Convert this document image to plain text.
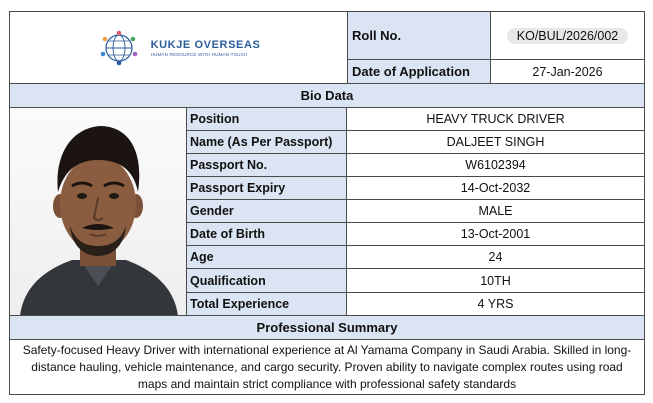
KUKJE OVERSEAS
HUMAN RESOURCE WITH HUMAN TOUCH
Roll No.	KO/BUL/2026/002
Date of Application	27-Jan-2026
Bio Data
Position	HEAVY TRUCK DRIVER
Name (As Per Passport)	DALJEET SINGH
Passport No.	W6102394
Passport Expiry	14-Oct-2032
Gender	MALE
Date of Birth	13-Oct-2001
Age	24
Qualification	10TH
Total Experience	4 YRS
Professional Summary
Safety-focused Heavy Driver with international experience at Al Yamama Company in Saudi Arabia. Skilled in long-distance hauling, vehicle maintenance, and cargo security. Proven ability to navigate complex routes using road maps and maintain strict compliance with professional safety standards
